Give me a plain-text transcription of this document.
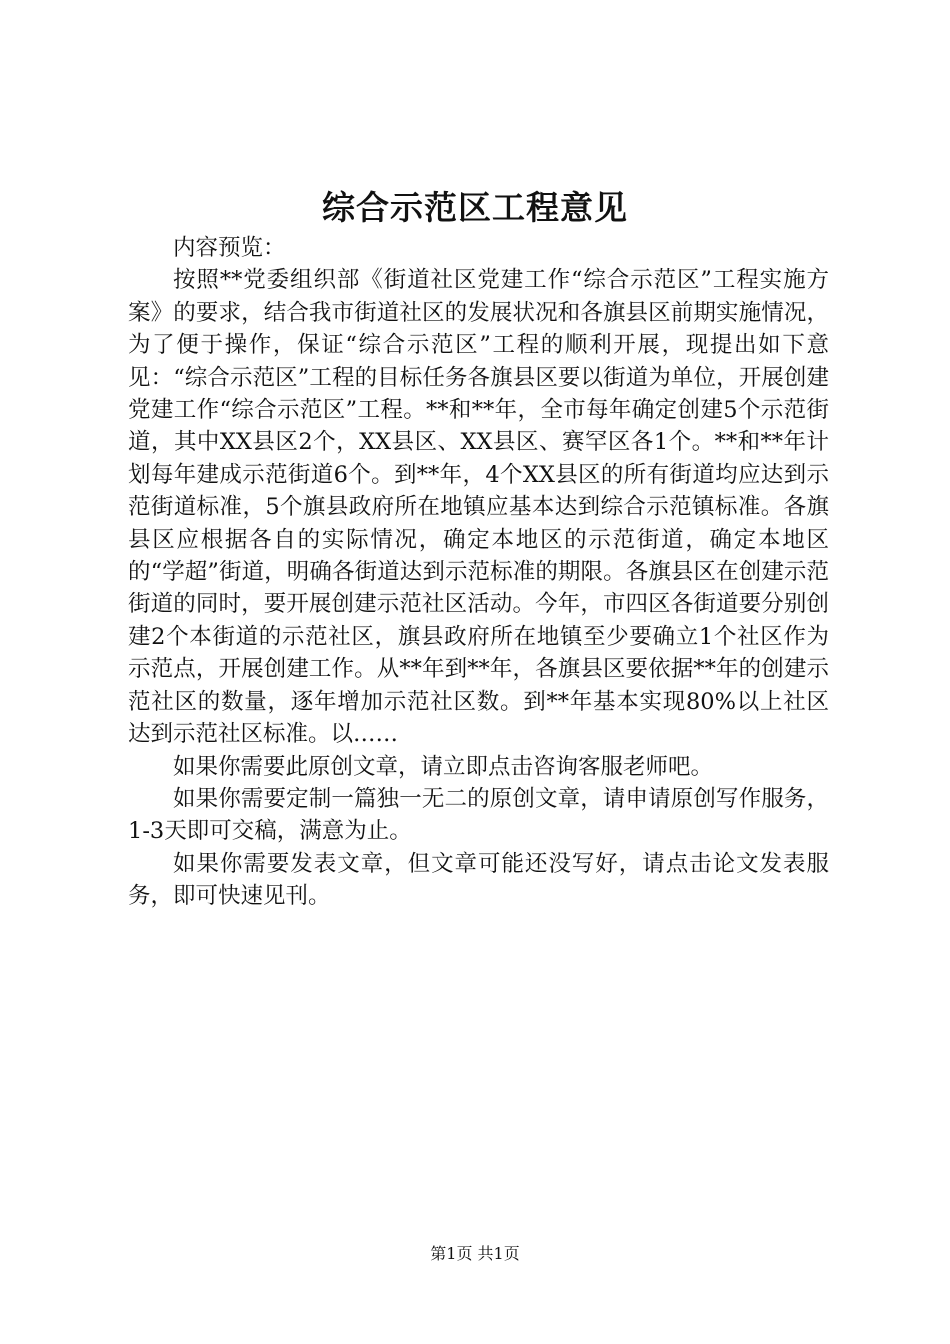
综合示范区工程意见

内容预览：

按照**党委组织部《街道社区党建工作“综合示范区”工程实施方案》的要求，结合我市街道社区的发展状况和各旗县区前期实施情况，为了便于操作，保证“综合示范区”工程的顺利开展，现提出如下意见：“综合示范区”工程的目标任务各旗县区要以街道为单位，开展创建党建工作“综合示范区”工程。**和**年，全市每年确定创建5个示范街道，其中XX县区2个，XX县区、XX县区、赛罕区各1个。**和**年计划每年建成示范街道6个。到**年，4个XX县区的所有街道均应达到示范街道标准，5个旗县政府所在地镇应基本达到综合示范镇标准。各旗县区应根据各自的实际情况，确定本地区的示范街道，确定本地区的“学超”街道，明确各街道达到示范标准的期限。各旗县区在创建示范街道的同时，要开展创建示范社区活动。今年，市四区各街道要分别创建2个本街道的示范社区，旗县政府所在地镇至少要确立1个社区作为示范点，开展创建工作。从**年到**年，各旗县区要依据**年的创建示范社区的数量，逐年增加示范社区数。到**年基本实现80%以上社区达到示范社区标准。以……

如果你需要此原创文章，请立即点击咨询客服老师吧。

如果你需要定制一篇独一无二的原创文章，请申请原创写作服务，1-3天即可交稿，满意为止。

如果你需要发表文章，但文章可能还没写好，请点击论文发表服务，即可快速见刊。

第1页 共1页
